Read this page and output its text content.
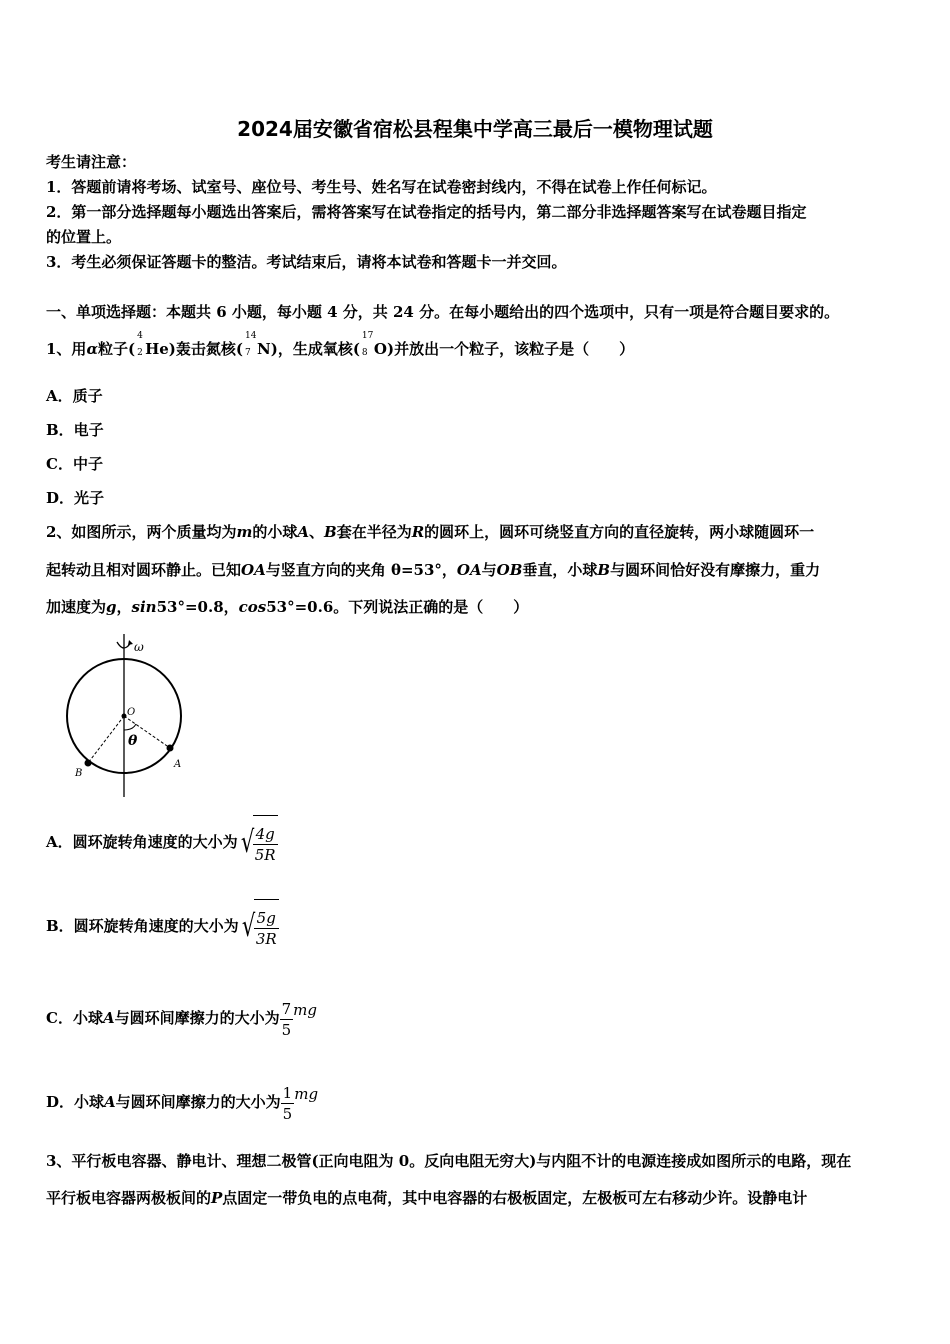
2024届安徽省宿松县程集中学高三最后一模物理试题
考生请注意：
1．答题前请将考场、试室号、座位号、考生号、姓名写在试卷密封线内，不得在试卷上作任何标记。
2．第一部分选择题每小题选出答案后，需将答案写在试卷指定的括号内，第二部分非选择题答案写在试卷题目指定
的位置上。
3．考生必须保证答题卡的整洁。考试结束后，请将本试卷和答题卡一并交回。
一、单项选择题：本题共 6 小题，每小题 4 分，共 24 分。在每小题给出的四个选项中，只有一项是符合题目要求的。
1、用α粒子(
4
2 He)轰击氮核(
14
7 N)，生成氧核(
17
8 O)并放出一个粒子，该粒子是（　　）
A．质子
B．电子
C．中子
D．光子
2、如图所示，两个质量均为m的小球A、B套在半径为R的圆环上，圆环可绕竖直方向的直径旋转，两小球随圆环一
起转动且相对圆环静止。已知OA与竖直方向的夹角 θ=53°，OA与OB垂直，小球B与圆环间恰好没有摩擦力，重力
加速度为g，sin53°=0.8，cos53°=0.6。下列说法正确的是（　　）
ω
O
θ
A
B
A．圆环旋转角速度的大小为√
$\frac{4g}{5R}$
B．圆环旋转角速度的大小为√
$\frac{5g}{3R}$
C．小球A与圆环间摩擦力的大小为 $\frac{7}{5}$ mg
D．小球A与圆环间摩擦力的大小为 $\frac{1}{5}$ mg
3、平行板电容器、静电计、理想二极管(正向电阻为 0。反向电阻无穷大)与内阻不计的电源连接成如图所示的电路，现在
平行板电容器两极板间的P点固定一带负电的点电荷，其中电容器的右极板固定，左极板可左右移动少许。设静电计
